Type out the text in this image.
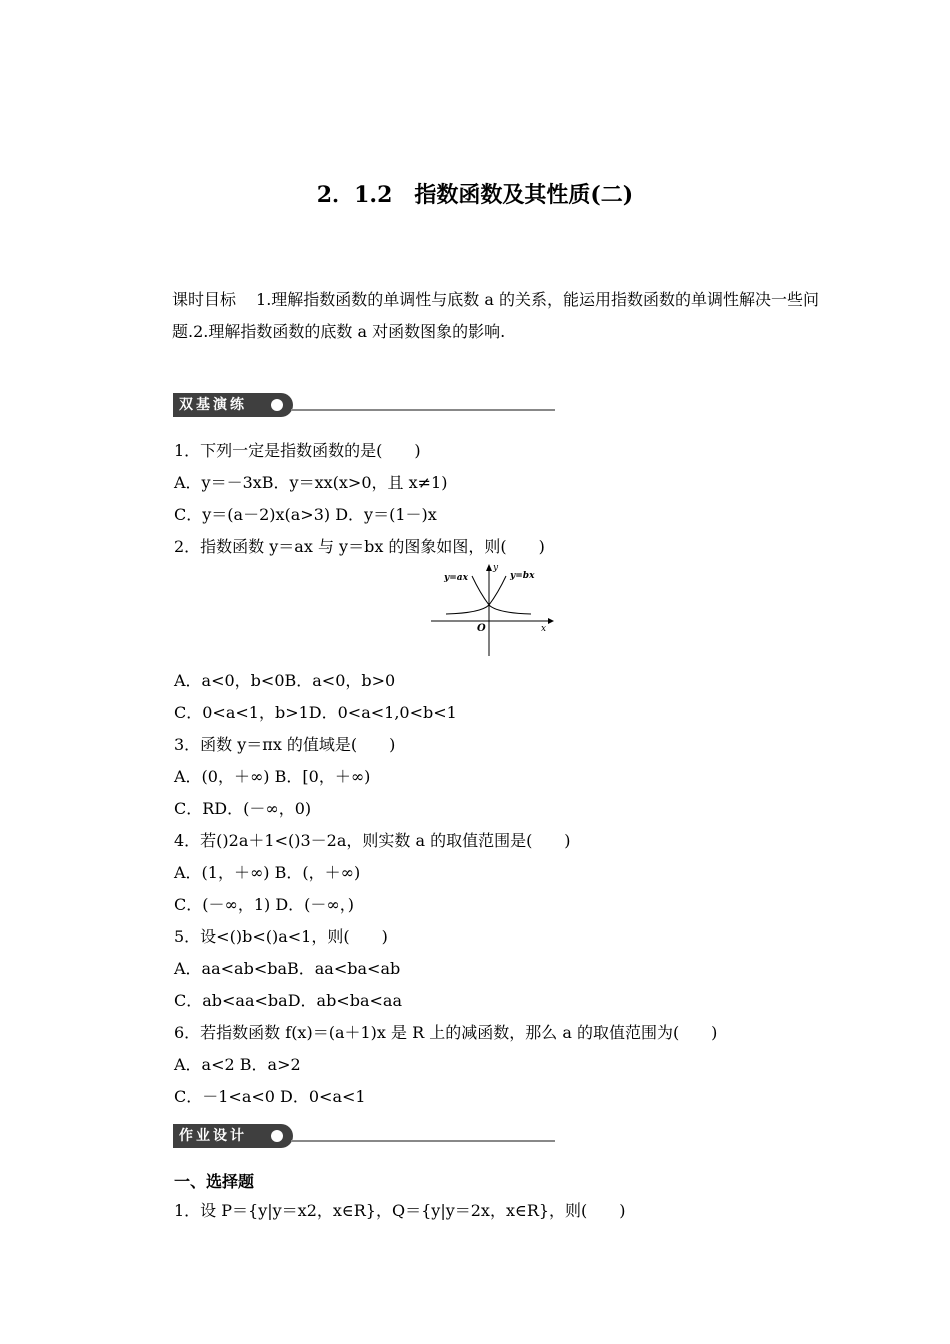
2．1.2　指数函数及其性质(二)
课时目标 1.理解指数函数的单调性与底数 a 的关系，能运用指数函数的单调性解决一些问题.2.理解指数函数的底数 a 对函数图象的影响.
双基演练
1．下列一定是指数函数的是(　　)
A．y＝－3xB．y＝xx(x>0，且 x≠1)
C．y＝(a－2)x(a>3) D．y＝(1－)x
2．指数函数 y＝ax 与 y＝bx 的图象如图，则(　　)
y=ax	y=bx
y
x
O
A．a<0，b<0B．a<0，b>0
C．0<a<1，b>1D．0<a<1,0<b<1
3．函数 y＝πx 的值域是(　　)
A．(0，＋∞) B．[0，＋∞)
C．RD．(－∞，0)
4．若()2a＋1<()3－2a，则实数 a 的取值范围是(　　)
A．(1，＋∞) B．(，＋∞)
C．(－∞，1) D．(－∞，)
5．设<()b<()a<1，则(　　)
A．aa<ab<baB．aa<ba<ab
C．ab<aa<baD．ab<ba<aa
6．若指数函数 f(x)＝(a＋1)x 是 R 上的减函数，那么 a 的取值范围为(　　)
A．a<2 B．a>2
C．－1<a<0 D．0<a<1
作业设计
一、选择题
1．设 P＝{y|y＝x2，x∈R}，Q＝{y|y＝2x，x∈R}，则(　　)
